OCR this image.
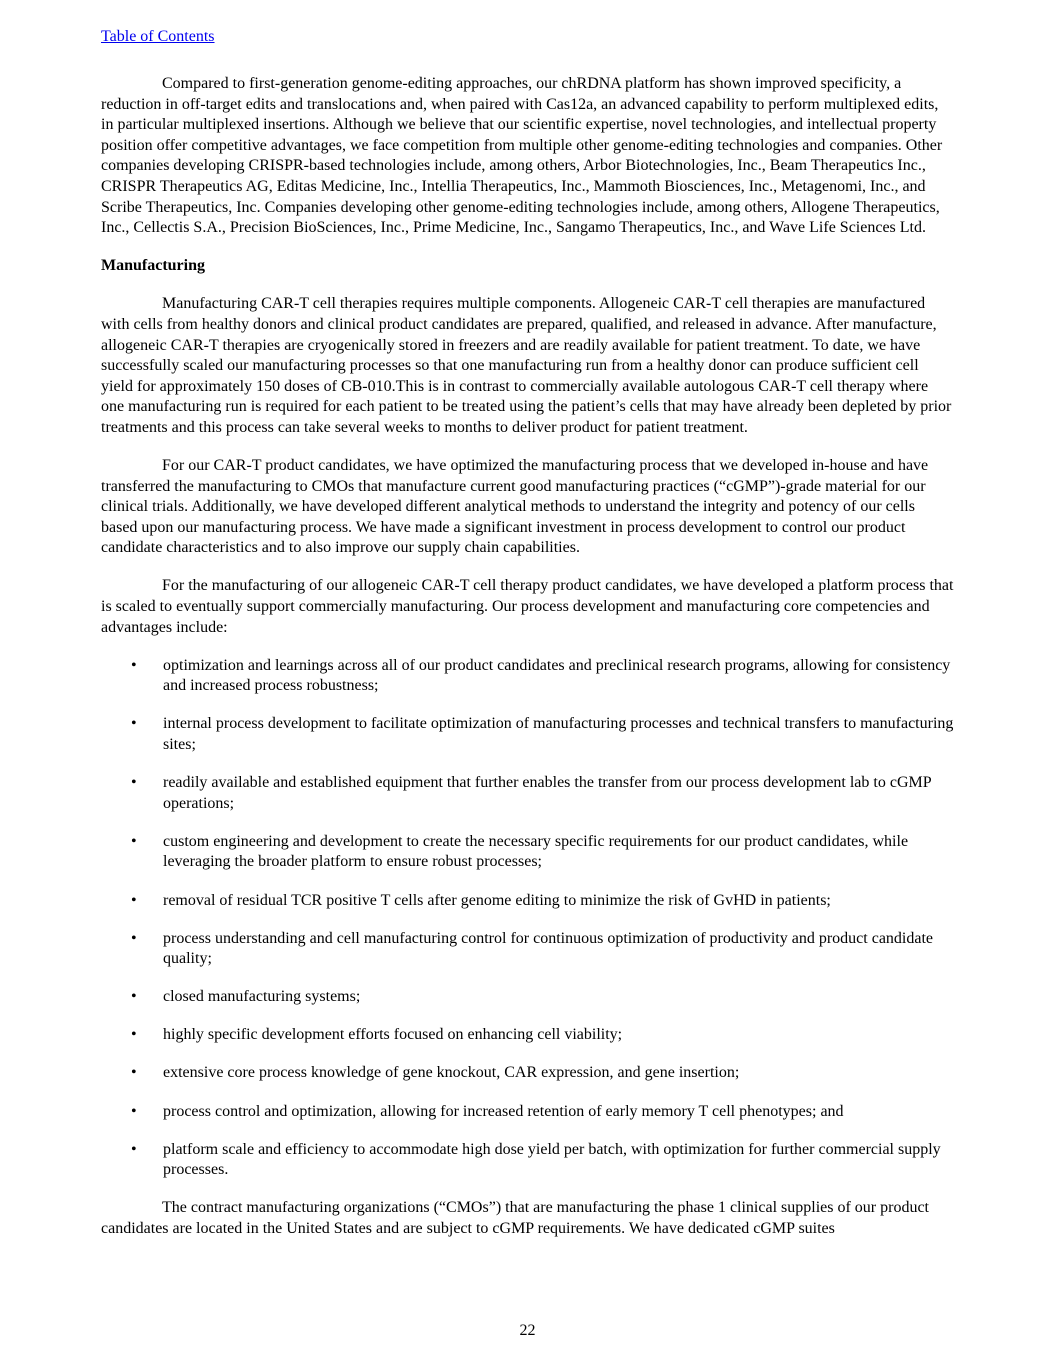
Table of Contents

Compared to first-generation genome-editing approaches, our chRDNA platform has shown improved specificity, a reduction in off-target edits and translocations and, when paired with Cas12a, an advanced capability to perform multiplexed edits, in particular multiplexed insertions. Although we believe that our scientific expertise, novel technologies, and intellectual property position offer competitive advantages, we face competition from multiple other genome-editing technologies and companies. Other companies developing CRISPR-based technologies include, among others, Arbor Biotechnologies, Inc., Beam Therapeutics Inc., CRISPR Therapeutics AG, Editas Medicine, Inc., Intellia Therapeutics, Inc., Mammoth Biosciences, Inc., Metagenomi, Inc., and Scribe Therapeutics, Inc. Companies developing other genome-editing technologies include, among others, Allogene Therapeutics, Inc., Cellectis S.A., Precision BioSciences, Inc., Prime Medicine, Inc., Sangamo Therapeutics, Inc., and Wave Life Sciences Ltd.

Manufacturing

Manufacturing CAR-T cell therapies requires multiple components. Allogeneic CAR-T cell therapies are manufactured with cells from healthy donors and clinical product candidates are prepared, qualified, and released in advance. After manufacture, allogeneic CAR-T therapies are cryogenically stored in freezers and are readily available for patient treatment. To date, we have successfully scaled our manufacturing processes so that one manufacturing run from a healthy donor can produce sufficient cell yield for approximately 150 doses of CB-010.This is in contrast to commercially available autologous CAR-T cell therapy where one manufacturing run is required for each patient to be treated using the patient’s cells that may have already been depleted by prior treatments and this process can take several weeks to months to deliver product for patient treatment.

For our CAR-T product candidates, we have optimized the manufacturing process that we developed in-house and have transferred the manufacturing to CMOs that manufacture current good manufacturing practices (“cGMP”)-grade material for our clinical trials. Additionally, we have developed different analytical methods to understand the integrity and potency of our cells based upon our manufacturing process. We have made a significant investment in process development to control our product candidate characteristics and to also improve our supply chain capabilities.

For the manufacturing of our allogeneic CAR-T cell therapy product candidates, we have developed a platform process that is scaled to eventually support commercially manufacturing. Our process development and manufacturing core competencies and advantages include:

• optimization and learnings across all of our product candidates and preclinical research programs, allowing for consistency and increased process robustness;
• internal process development to facilitate optimization of manufacturing processes and technical transfers to manufacturing sites;
• readily available and established equipment that further enables the transfer from our process development lab to cGMP operations;
• custom engineering and development to create the necessary specific requirements for our product candidates, while leveraging the broader platform to ensure robust processes;
• removal of residual TCR positive T cells after genome editing to minimize the risk of GvHD in patients;
• process understanding and cell manufacturing control for continuous optimization of productivity and product candidate quality;
• closed manufacturing systems;
• highly specific development efforts focused on enhancing cell viability;
• extensive core process knowledge of gene knockout, CAR expression, and gene insertion;
• process control and optimization, allowing for increased retention of early memory T cell phenotypes; and
• platform scale and efficiency to accommodate high dose yield per batch, with optimization for further commercial supply processes.

The contract manufacturing organizations (“CMOs”) that are manufacturing the phase 1 clinical supplies of our product candidates are located in the United States and are subject to cGMP requirements. We have dedicated cGMP suites

22
